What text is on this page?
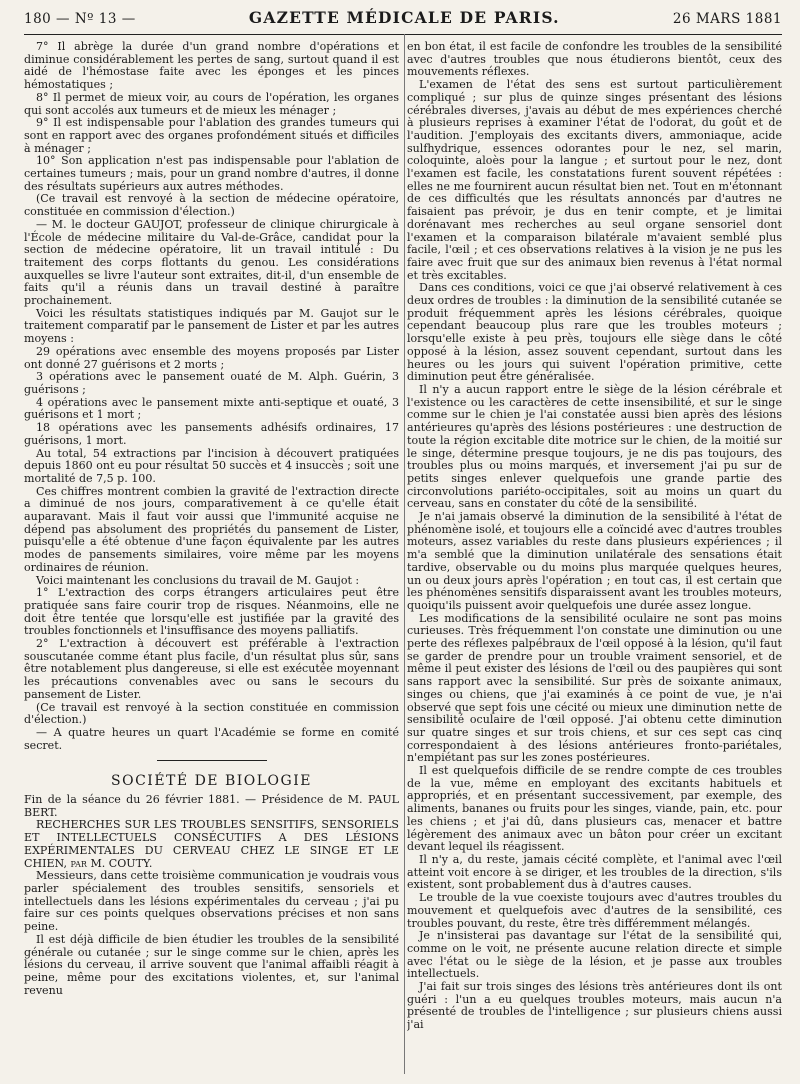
180 — Nº 13 —	GAZETTE MÉDICALE DE PARIS.	26 MARS 1881

7° Il abrège la durée d'un grand nombre d'opérations et diminue considérablement les pertes de sang, surtout quand il est aidé de l'hémostase faite avec les éponges et les pinces hémostatiques ;

8° Il permet de mieux voir, au cours de l'opération, les organes qui sont accolés aux tumeurs et de mieux les ménager ;

9° Il est indispensable pour l'ablation des grandes tumeurs qui sont en rapport avec des organes profondément situés et difficiles à ménager ;

10° Son application n'est pas indispensable pour l'ablation de certaines tumeurs ; mais, pour un grand nombre d'autres, il donne des résultats supérieurs aux autres méthodes.

(Ce travail est renvoyé à la section de médecine opératoire, constituée en commission d'élection.)

— M. le docteur GAUJOT, professeur de clinique chirurgicale à l'École de médecine militaire du Val-de-Grâce, candidat pour la section de médecine opératoire, lit un travail intitulé : Du traitement des corps flottants du genou. Les considérations auxquelles se livre l'auteur sont extraites, dit-il, d'un ensemble de faits qu'il a réunis dans un travail destiné à paraître prochainement.

Voici les résultats statistiques indiqués par M. Gaujot sur le traitement comparatif par le pansement de Lister et par les autres moyens :

29 opérations avec ensemble des moyens proposés par Lister ont donné 27 guérisons et 2 morts ;

3 opérations avec le pansement ouaté de M. Alph. Guérin, 3 guérisons ;

4 opérations avec le pansement mixte anti-septique et ouaté, 3 guérisons et 1 mort ;

18 opérations avec les pansements adhésifs ordinaires, 17 guérisons, 1 mort.

Au total, 54 extractions par l'incision à découvert pratiquées depuis 1860 ont eu pour résultat 50 succès et 4 insuccès ; soit une mortalité de 7,5 p. 100.

Ces chiffres montrent combien la gravité de l'extraction directe a diminué de nos jours, comparativement à ce qu'elle était auparavant. Mais il faut voir aussi que l'immunité acquise ne dépend pas absolument des propriétés du pansement de Lister, puisqu'elle a été obtenue d'une façon équivalente par les autres modes de pansements similaires, voire même par les moyens ordinaires de réunion.

Voici maintenant les conclusions du travail de M. Gaujot :

1° L'extraction des corps étrangers articulaires peut être pratiquée sans faire courir trop de risques. Néanmoins, elle ne doit être tentée que lorsqu'elle est justifiée par la gravité des troubles fonctionnels et l'insuffisance des moyens palliatifs.

2° L'extraction à découvert est préférable à l'extraction souscutanée comme étant plus facile, d'un résultat plus sûr, sans être notablement plus dangereuse, si elle est exécutée moyennant les précautions convenables avec ou sans le secours du pansement de Lister.

(Ce travail est renvoyé à la section constituée en commission d'élection.)

— A quatre heures un quart l'Académie se forme en comité secret.

SOCIÉTÉ DE BIOLOGIE

Fin de la séance du 26 février 1881. — Présidence de M. PAUL BERT.

RECHERCHES SUR LES TROUBLES SENSITIFS, SENSORIELS ET INTELLECTUELS CONSÉCUTIFS A DES LÉSIONS EXPÉRIMENTALES DU CERVEAU CHEZ LE SINGE ET LE CHIEN, par M. COUTY.

Messieurs, dans cette troisième communication je voudrais vous parler spécialement des troubles sensitifs, sensoriels et intellectuels dans les lésions expérimentales du cerveau ; j'ai pu faire sur ces points quelques observations précises et non sans peine.

Il est déjà difficile de bien étudier les troubles de la sensibilité générale ou cutanée ; sur le singe comme sur le chien, après les lésions du cerveau, il arrive souvent que l'animal affaibli réagit à peine, même pour des excitations violentes, et, sur l'animal revenu

en bon état, il est facile de confondre les troubles de la sensibilité avec d'autres troubles que nous étudierons bientôt, ceux des mouvements réflexes.

L'examen de l'état des sens est surtout particulièrement compliqué ; sur plus de quinze singes présentant des lésions cérébrales diverses, j'avais au début de mes expériences cherché à plusieurs reprises à examiner l'état de l'odorat, du goût et de l'audition. J'employais des excitants divers, ammoniaque, acide sulfhydrique, essences odorantes pour le nez, sel marin, coloquinte, aloès pour la langue ; et surtout pour le nez, dont l'examen est facile, les constatations furent souvent répétées : elles ne me fournirent aucun résultat bien net. Tout en m'étonnant de ces difficultés que les résultats annoncés par d'autres ne faisaient pas prévoir, je dus en tenir compte, et je limitai dorénavant mes recherches au seul organe sensoriel dont l'examen et la comparaison bilatérale m'avaient semblé plus facile, l'œil ; et ces observations relatives à la vision je ne pus les faire avec fruit que sur des animaux bien revenus à l'état normal et très excitables.

Dans ces conditions, voici ce que j'ai observé relativement à ces deux ordres de troubles : la diminution de la sensibilité cutanée se produit fréquemment après les lésions cérébrales, quoique cependant beaucoup plus rare que les troubles moteurs ; lorsqu'elle existe à peu près, toujours elle siège dans le côté opposé à la lésion, assez souvent cependant, surtout dans les heures ou les jours qui suivent l'opération primitive, cette diminution peut être généralisée.

Il n'y a aucun rapport entre le siège de la lésion cérébrale et l'existence ou les caractères de cette insensibilité, et sur le singe comme sur le chien je l'ai constatée aussi bien après des lésions antérieures qu'après des lésions postérieures : une destruction de toute la région excitable dite motrice sur le chien, de la moitié sur le singe, détermine presque toujours, je ne dis pas toujours, des troubles plus ou moins marqués, et inversement j'ai pu sur de petits singes enlever quelquefois une grande partie des circonvolutions pariéto-occipitales, soit au moins un quart du cerveau, sans en constater du côté de la sensibilité.

Je n'ai jamais observé la diminution de la sensibilité à l'état de phénomène isolé, et toujours elle a coïncidé avec d'autres troubles moteurs, assez variables du reste dans plusieurs expériences ; il m'a semblé que la diminution unilatérale des sensations était tardive, observable ou du moins plus marquée quelques heures, un ou deux jours après l'opération ; en tout cas, il est certain que les phénomènes sensitifs disparaissent avant les troubles moteurs, quoiqu'ils puissent avoir quelquefois une durée assez longue.

Les modifications de la sensibilité oculaire ne sont pas moins curieuses. Très fréquemment l'on constate une diminution ou une perte des réflexes palpébraux de l'œil opposé à la lésion, qu'il faut se garder de prendre pour un trouble vraiment sensoriel, et de même il peut exister des lésions de l'œil ou des paupières qui sont sans rapport avec la sensibilité. Sur près de soixante animaux, singes ou chiens, que j'ai examinés à ce point de vue, je n'ai observé que sept fois une cécité ou mieux une diminution nette de sensibilité oculaire de l'œil opposé. J'ai obtenu cette diminution sur quatre singes et sur trois chiens, et sur ces sept cas cinq correspondaient à des lésions antérieures fronto-pariétales, n'empiétant pas sur les zones postérieures.

Il est quelquefois difficile de se rendre compte de ces troubles de la vue, même en employant des excitants habituels et appropriés, et en présentant successivement, par exemple, des aliments, bananes ou fruits pour les singes, viande, pain, etc. pour les chiens ; et j'ai dû, dans plusieurs cas, menacer et battre légèrement des animaux avec un bâton pour créer un excitant devant lequel ils réagissent.

Il n'y a, du reste, jamais cécité complète, et l'animal avec l'œil atteint voit encore à se diriger, et les troubles de la direction, s'ils existent, sont probablement dus à d'autres causes.

Le trouble de la vue coexiste toujours avec d'autres troubles du mouvement et quelquefois avec d'autres de la sensibilité, ces troubles pouvant, du reste, être très différemment mélangés.

Je n'insisterai pas davantage sur l'état de la sensibilité qui, comme on le voit, ne présente aucune relation directe et simple avec l'état ou le siège de la lésion, et je passe aux troubles intellectuels.

J'ai fait sur trois singes des lésions très antérieures dont ils ont guéri : l'un a eu quelques troubles moteurs, mais aucun n'a présenté de troubles de l'intelligence ; sur plusieurs chiens aussi j'ai
